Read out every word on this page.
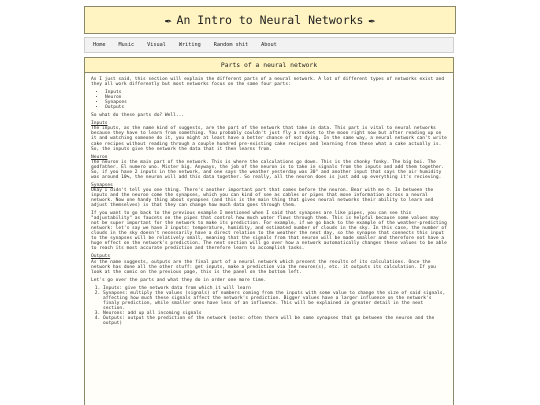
✒ An Intro to Neural Networks ✒
Home	Music	Visual	Writing	Random shit	About
Parts of a neural network

As I just said, this section will explain the different parts of a neural network. A lot of different types of networks exist and they all work differently but most networks focus on the same four parts:

• Inputs
• Neuron
• Synapses
• Outputs

So what do these parts do? Well...

Inputs

The inputs, as the name kind of suggests, are the part of the network that take in data. This part is vital to neural networks because they have to learn from something. You probably couldn't just fly a rocket to the moon right now but after reading up on it and watching someone do it, you might at least have a better chance of not dying. In the same way, a neural network can't write cake recipes without reading through a couple hundred pre-existing cake recipes and learning from these what a cake actually is. So, the inputs give the network the data that it then learns from.

Neuron

The neuron is the main part of the network. This is where the calculations go down. This is the chonky fonky. The big boi. The godfather. El numero uno. Mister big. Anyways, the job of the neuron is to take in signals from the inputs and add them together. So, if you have 2 inputs in the network, and one says the weather yesterday was 30° and another input that says the air humidity was around 10%, the neuron will add this data together. So really, all the neuron does is just add up everything it's recieving.

Synapses

Okay I didn't tell you one thing. There's another important part that comes before the neuron. Bear with me ☺. In between the inputs and the neuron come the synapses, which you can kind of see as cables or pipes that move information across a neural network. Now one handy thing about synapses (and this is the main thing that gives neural networks their ability to learn and adjust themselves) is that they can change how much data goes through them.

If you want to go back to the previous example I mentioned when I said that synapses are like pipes, you can see this "adjustability" as faucets on the pipes that control how much water flows through them. This is helpful because some values may not be super important for the network to make its prediction. For example, if we go back to the example of the weather-predicting network: let's say we have 3 inputs: temperature, humidity, and estimated number of clouds in the sky. In this case, the number of clouds in the sky doesn't necessarily have a direct relation to the weather the next day, so the synapse that connects this input to the synapses will be relatively small, meaning that the signals from that neuron will be made smaller and therefore not have a huge effect on the network's prediction. The next section will go over how a network automatically changes these values to be able to reach its most accurate prediction and therefore learn to accomplish tasks.

Outputs

As the name suggests, outputs are the final part of a neural network which present the results of its calculations. Once the network has done all the other stuff: get inputs, make a prediction via the neuron(s), etc. it outputs its calculation. If you look at the comic on the previous page, this is the panel on the bottom left.

Let's go over the parts and what they do in order one more time.

1. Inputs: give the network data from which it will learn
2. Synapses: multiply the values (signals) of numbers coming from the inputs with some value to change the size of said signals, affecting how much these signals affect the network's prediction. Bigger values have a larger influence on the network's finaly prediction, while smaller ones have less of an influence. This will be explained in greater detail in the next section.
3. Neurons: add up all incoming signals
4. Outputs: output the prediction of the network (note: often there will be some synapses that go between the neuron and the output)
